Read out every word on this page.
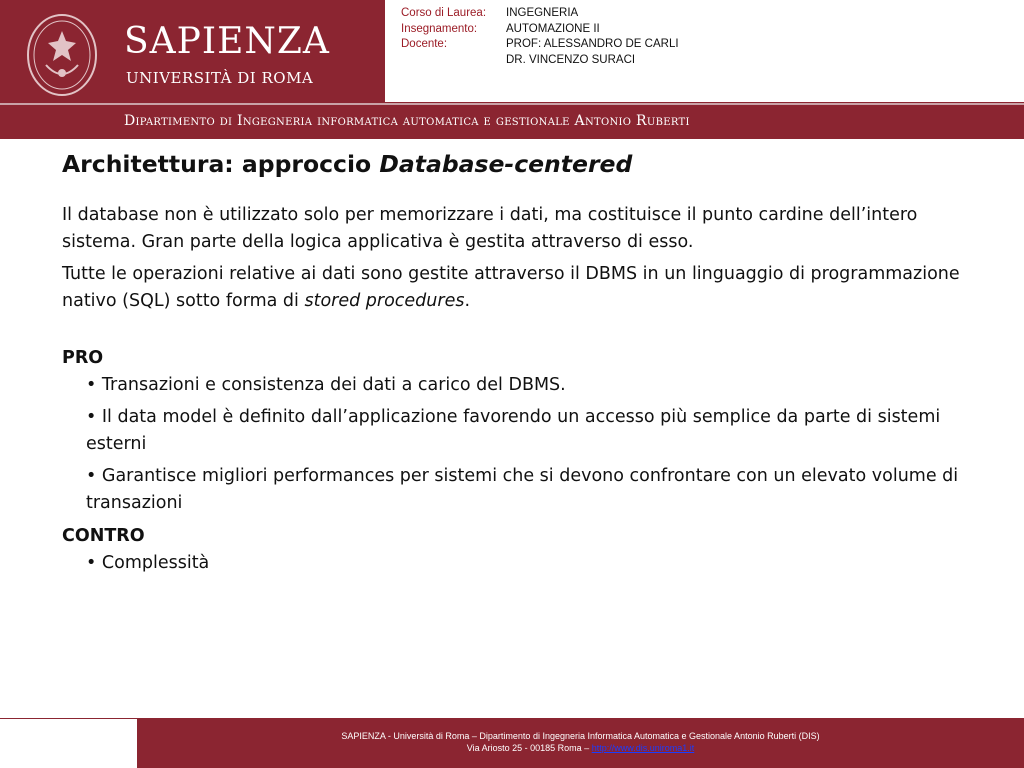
SAPIENZA
UNIVERSITÀ DI ROMA
Corso di Laurea:	INGEGNERIA
Insegnamento:	AUTOMAZIONE II
Docente:	PROF: ALESSANDRO DE CARLI
DR. VINCENZO SURACI
Dipartimento di Ingegneria informatica automatica e gestionale Antonio Ruberti
Architettura: approccio Database-centered

Il database non è utilizzato solo per memorizzare i dati, ma costituisce il punto cardine dell’intero sistema. Gran parte della logica applicativa è gestita attraverso di esso.

Tutte le operazioni relative ai dati sono gestite attraverso il DBMS in un linguaggio di programmazione nativo (SQL) sotto forma di stored procedures.

PRO

• Transazioni e consistenza dei dati a carico del DBMS.
• Il data model è definito dall’applicazione favorendo un accesso più semplice da parte di sistemi esterni
• Garantisce migliori performances per sistemi che si devono confrontare con un elevato volume di transazioni

CONTRO

• Complessità
SAPIENZA - Università di Roma – Dipartimento di Ingegneria Informatica Automatica e Gestionale Antonio Ruberti (DIS)
Via Ariosto 25 - 00185 Roma – http://www.dis.uniroma1.it
